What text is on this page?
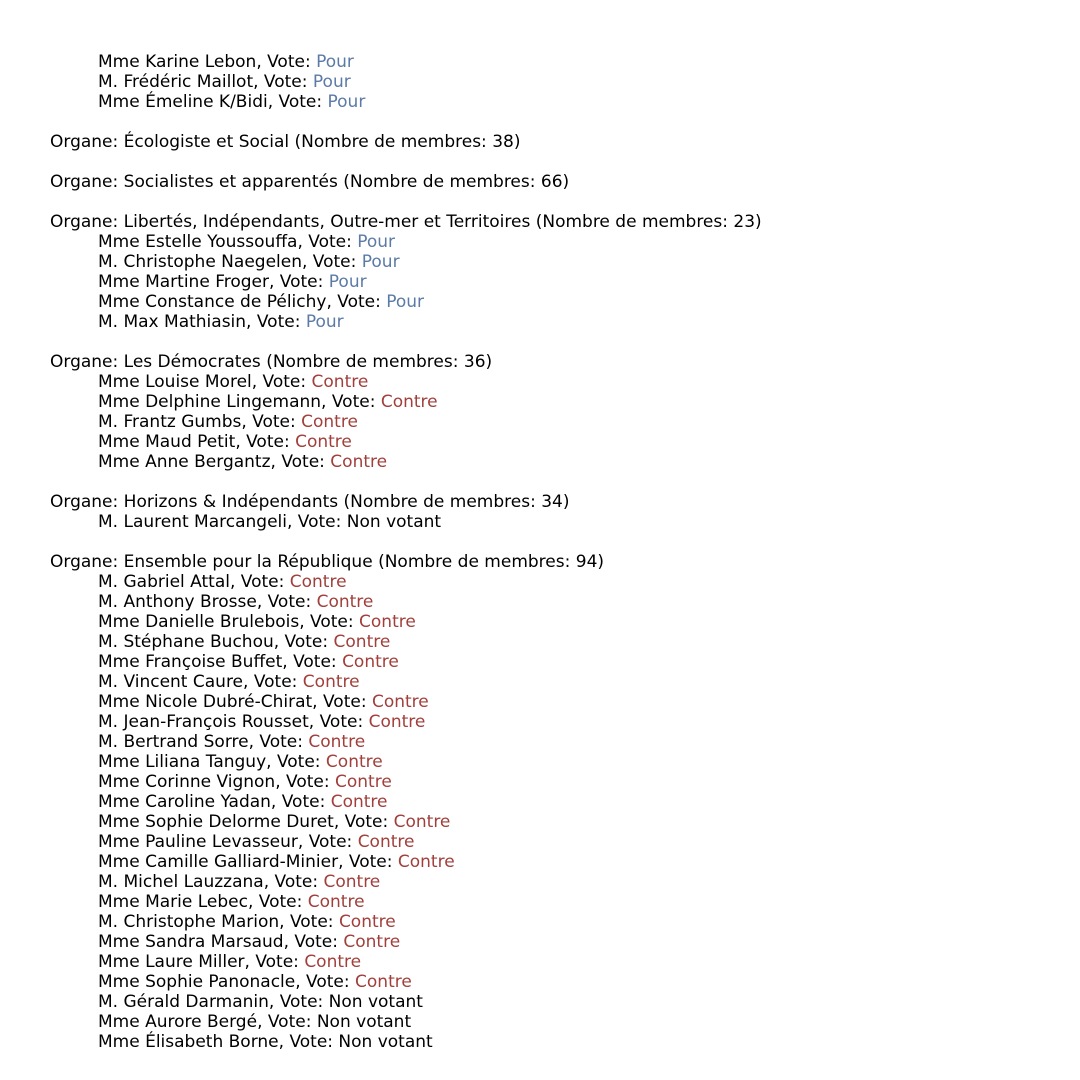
Mme Karine Lebon, Vote: Pour
M. Frédéric Maillot, Vote: Pour
Mme Émeline K/Bidi, Vote: Pour
Organe: Écologiste et Social (Nombre de membres: 38)
Organe: Socialistes et apparentés (Nombre de membres: 66)
Organe: Libertés, Indépendants, Outre-mer et Territoires (Nombre de membres: 23)
Mme Estelle Youssouffa, Vote: Pour
M. Christophe Naegelen, Vote: Pour
Mme Martine Froger, Vote: Pour
Mme Constance de Pélichy, Vote: Pour
M. Max Mathiasin, Vote: Pour
Organe: Les Démocrates (Nombre de membres: 36)
Mme Louise Morel, Vote: Contre
Mme Delphine Lingemann, Vote: Contre
M. Frantz Gumbs, Vote: Contre
Mme Maud Petit, Vote: Contre
Mme Anne Bergantz, Vote: Contre
Organe: Horizons & Indépendants (Nombre de membres: 34)
M. Laurent Marcangeli, Vote: Non votant
Organe: Ensemble pour la République (Nombre de membres: 94)
M. Gabriel Attal, Vote: Contre
M. Anthony Brosse, Vote: Contre
Mme Danielle Brulebois, Vote: Contre
M. Stéphane Buchou, Vote: Contre
Mme Françoise Buffet, Vote: Contre
M. Vincent Caure, Vote: Contre
Mme Nicole Dubré-Chirat, Vote: Contre
M. Jean-François Rousset, Vote: Contre
M. Bertrand Sorre, Vote: Contre
Mme Liliana Tanguy, Vote: Contre
Mme Corinne Vignon, Vote: Contre
Mme Caroline Yadan, Vote: Contre
Mme Sophie Delorme Duret, Vote: Contre
Mme Pauline Levasseur, Vote: Contre
Mme Camille Galliard-Minier, Vote: Contre
M. Michel Lauzzana, Vote: Contre
Mme Marie Lebec, Vote: Contre
M. Christophe Marion, Vote: Contre
Mme Sandra Marsaud, Vote: Contre
Mme Laure Miller, Vote: Contre
Mme Sophie Panonacle, Vote: Contre
M. Gérald Darmanin, Vote: Non votant
Mme Aurore Bergé, Vote: Non votant
Mme Élisabeth Borne, Vote: Non votant
